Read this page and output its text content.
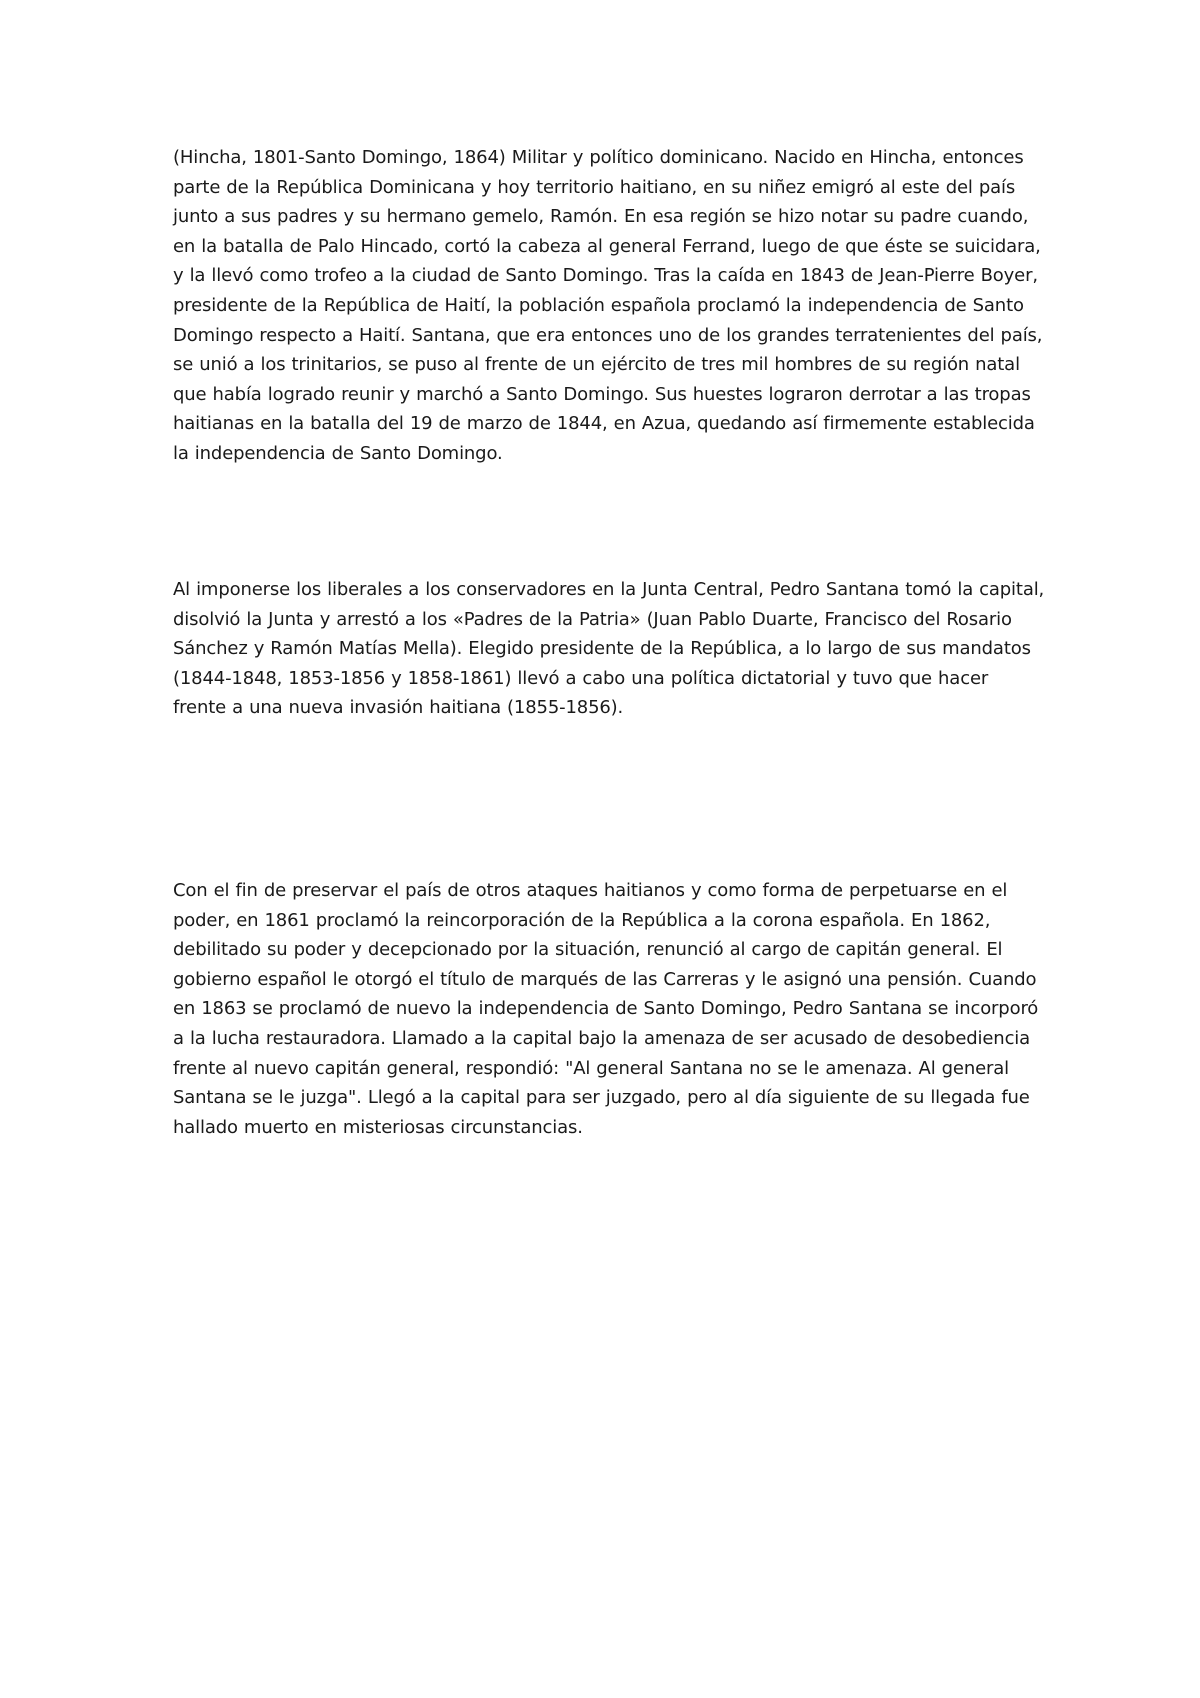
(Hincha, 1801-Santo Domingo, 1864) Militar y político dominicano. Nacido en Hincha, entonces parte de la República Dominicana y hoy territorio haitiano, en su niñez emigró al este del país junto a sus padres y su hermano gemelo, Ramón. En esa región se hizo notar su padre cuando, en la batalla de Palo Hincado, cortó la cabeza al general Ferrand, luego de que éste se suicidara, y la llevó como trofeo a la ciudad de Santo Domingo. Tras la caída en 1843 de Jean-Pierre Boyer, presidente de la República de Haití, la población española proclamó la independencia de Santo Domingo respecto a Haití. Santana, que era entonces uno de los grandes terratenientes del país, se unió a los trinitarios, se puso al frente de un ejército de tres mil hombres de su región natal que había logrado reunir y marchó a Santo Domingo. Sus huestes lograron derrotar a las tropas haitianas en la batalla del 19 de marzo de 1844, en Azua, quedando así firmemente establecida la independencia de Santo Domingo.

Al imponerse los liberales a los conservadores en la Junta Central, Pedro Santana tomó la capital, disolvió la Junta y arrestó a los «Padres de la Patria» (Juan Pablo Duarte, Francisco del Rosario Sánchez y Ramón Matías Mella). Elegido presidente de la República, a lo largo de sus mandatos (1844-1848, 1853-1856 y 1858-1861) llevó a cabo una política dictatorial y tuvo que hacer frente a una nueva invasión haitiana (1855-1856).

Con el fin de preservar el país de otros ataques haitianos y como forma de perpetuarse en el poder, en 1861 proclamó la reincorporación de la República a la corona española. En 1862, debilitado su poder y decepcionado por la situación, renunció al cargo de capitán general. El gobierno español le otorgó el título de marqués de las Carreras y le asignó una pensión. Cuando en 1863 se proclamó de nuevo la independencia de Santo Domingo, Pedro Santana se incorporó a la lucha restauradora. Llamado a la capital bajo la amenaza de ser acusado de desobediencia frente al nuevo capitán general, respondió: "Al general Santana no se le amenaza. Al general Santana se le juzga". Llegó a la capital para ser juzgado, pero al día siguiente de su llegada fue hallado muerto en misteriosas circunstancias.
